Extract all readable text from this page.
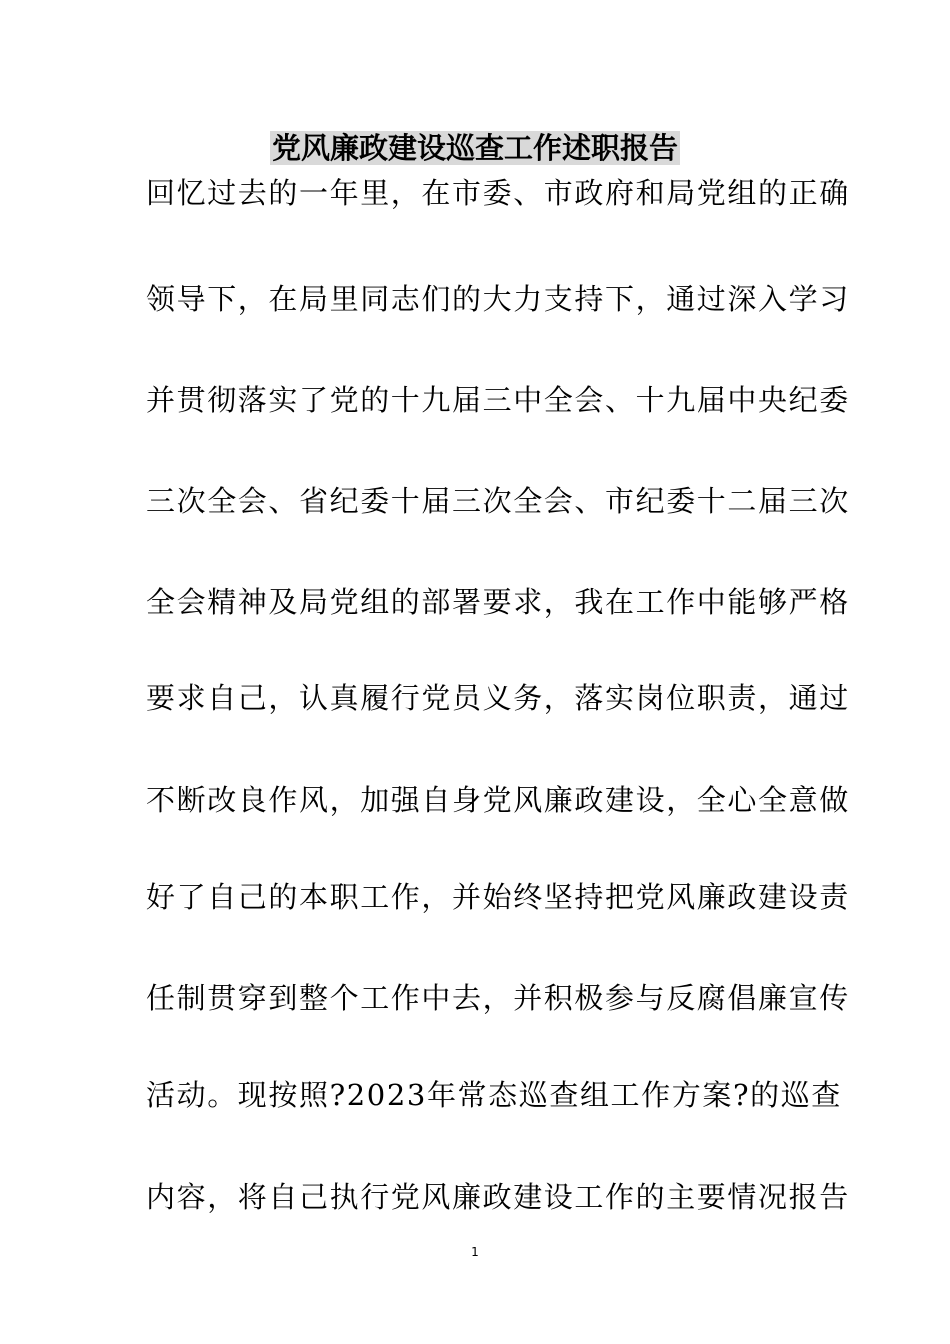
党风廉政建设巡查工作述职报告
回忆过去的一年里，在市委、市政府和局党组的正确
领导下，在局里同志们的大力支持下，通过深入学习
并贯彻落实了党的十九届三中全会、十九届中央纪委
三次全会、省纪委十届三次全会、市纪委十二届三次
全会精神及局党组的部署要求，我在工作中能够严格
要求自己，认真履行党员义务，落实岗位职责，通过
不断改良作风，加强自身党风廉政建设，全心全意做
好了自己的本职工作，并始终坚持把党风廉政建设责
任制贯穿到整个工作中去，并积极参与反腐倡廉宣传
活动。现按照?2023年常态巡查组工作方案?的巡查
内容，将自己执行党风廉政建设工作的主要情况报告
1
